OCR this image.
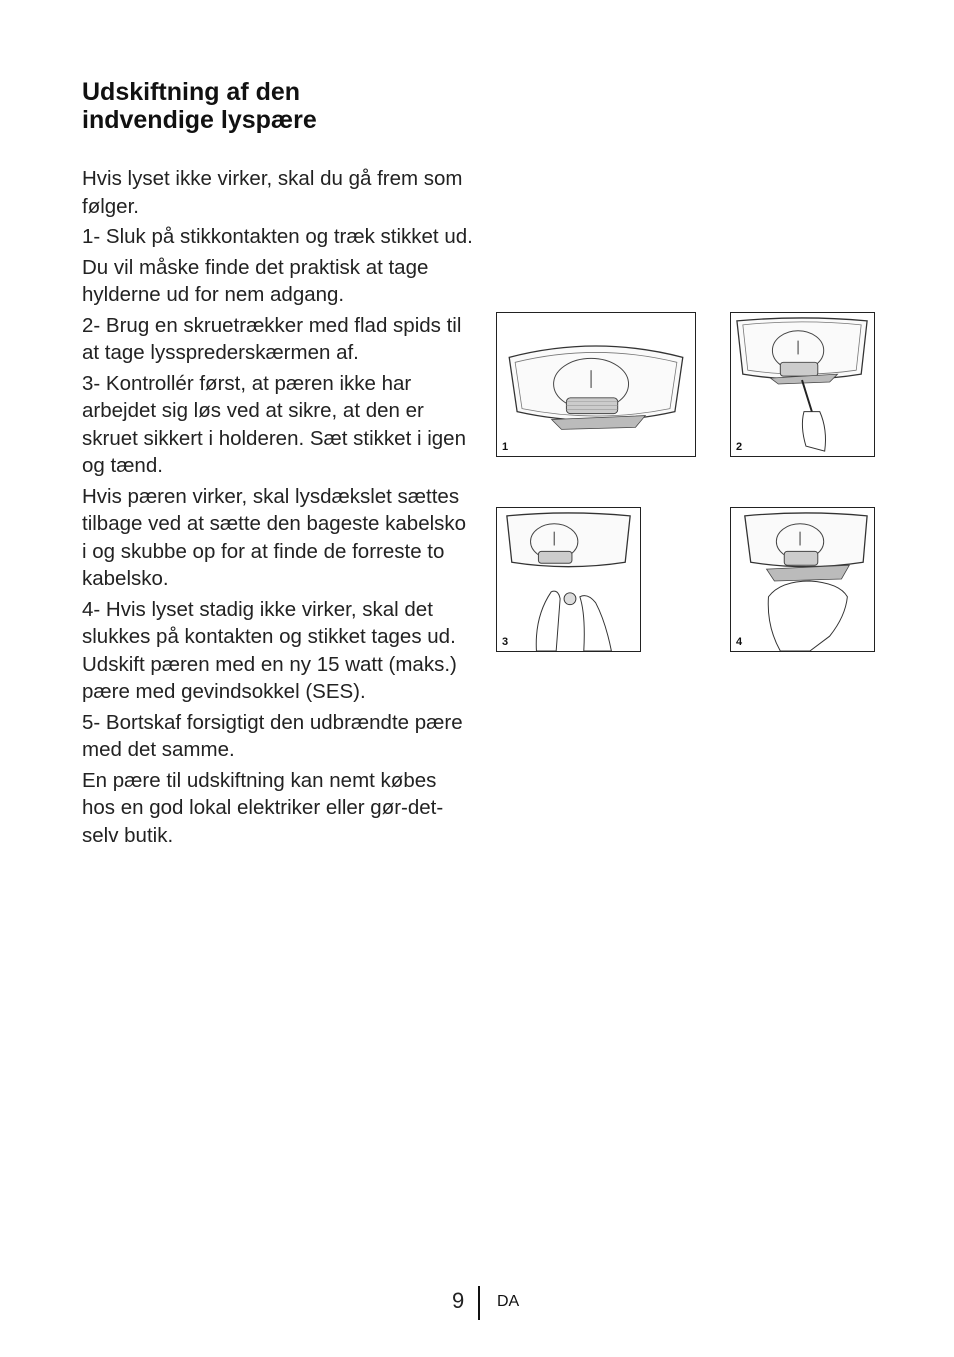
Udskiftning af den
indvendige lyspære

Hvis lyset ikke virker, skal du gå frem som følger.

1- Sluk på stikkontakten og træk stikket ud.

Du vil måske finde det praktisk at tage hylderne ud for nem adgang.

2- Brug en skruetrækker med flad spids til at tage lyssprederskærmen af.

3- Kontrollér først, at pæren ikke har arbejdet sig løs ved at sikre, at den er skruet sikkert i holderen. Sæt stikket i igen og tænd.

Hvis pæren virker, skal lysdækslet sættes tilbage ved at sætte den bageste kabelsko i og skubbe op for at finde de forreste to kabelsko.

4- Hvis lyset stadig ikke virker, skal det slukkes på kontakten og stikket tages ud. Udskift pæren med en ny 15 watt (maks.) pære med gevindsokkel (SES).

5- Bortskaf forsigtigt den udbrændte pære med det samme.

En pære til udskiftning kan nemt købes hos en god lokal elektriker eller gør-det-selv butik.

1	2
3	4
9 DA
